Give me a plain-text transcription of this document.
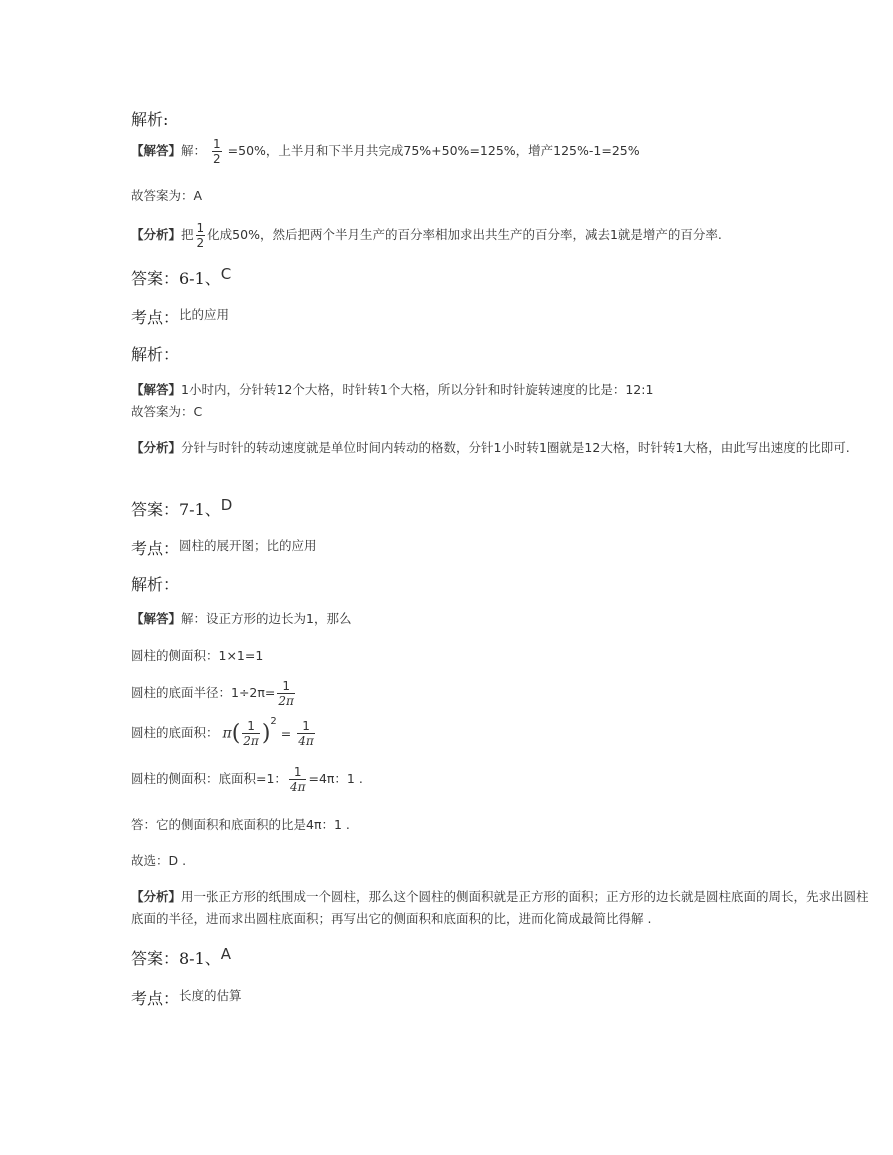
解析:
【解答】解： $\frac{1}{2} =50\%$，上半月和下半月共完成75%+50%=125%，增产125%-1=25%
故答案为：A
【分析】把 $\frac{1}{2}$ 化成50%，然后把两个半月生产的百分率相加求出共生产的百分率，减去1就是增产的百分率.
答案：6-1、C
考点：$^{比的应用}$
解析：
【解答】1小时内，分针转12个大格，时针转1个大格，所以分针和时针旋转速度的比是：12:1
故答案为：C
【分析】分针与时针的转动速度就是单位时间内转动的格数，分针1小时转1圈就是12大格，时针转1大格，由此写出速度的比即可.
答案：7-1、D
考点：$^{圆柱的展开图;比的应用}$
解析：
【解答】解：设正方形的边长为1，那么
圆柱的侧面积：1×1=1
圆柱的底面半径：$1\div 2\pi= \frac{1}{2\pi}$
圆柱的底面积： $\pi( \frac{1}{2\pi} )^2 = \frac{1}{4\pi}$
圆柱的侧面积：底面积=1： $\frac{1}{4\pi} =4\pi$：1 .
答：它的侧面积和底面积的比是4π：1 .
故选：D .
【分析】用一张正方形的纸围成一个圆柱，那么这个圆柱的侧面积就是正方形的面积；正方形的边长就是圆柱底面的周长，先求出圆柱底面的半径，进而求出圆柱底面积；再写出它的侧面积和底面积的比，进而化简成最简比得解 .
答案：8-1、A
考点：$^{长度的估算}$
